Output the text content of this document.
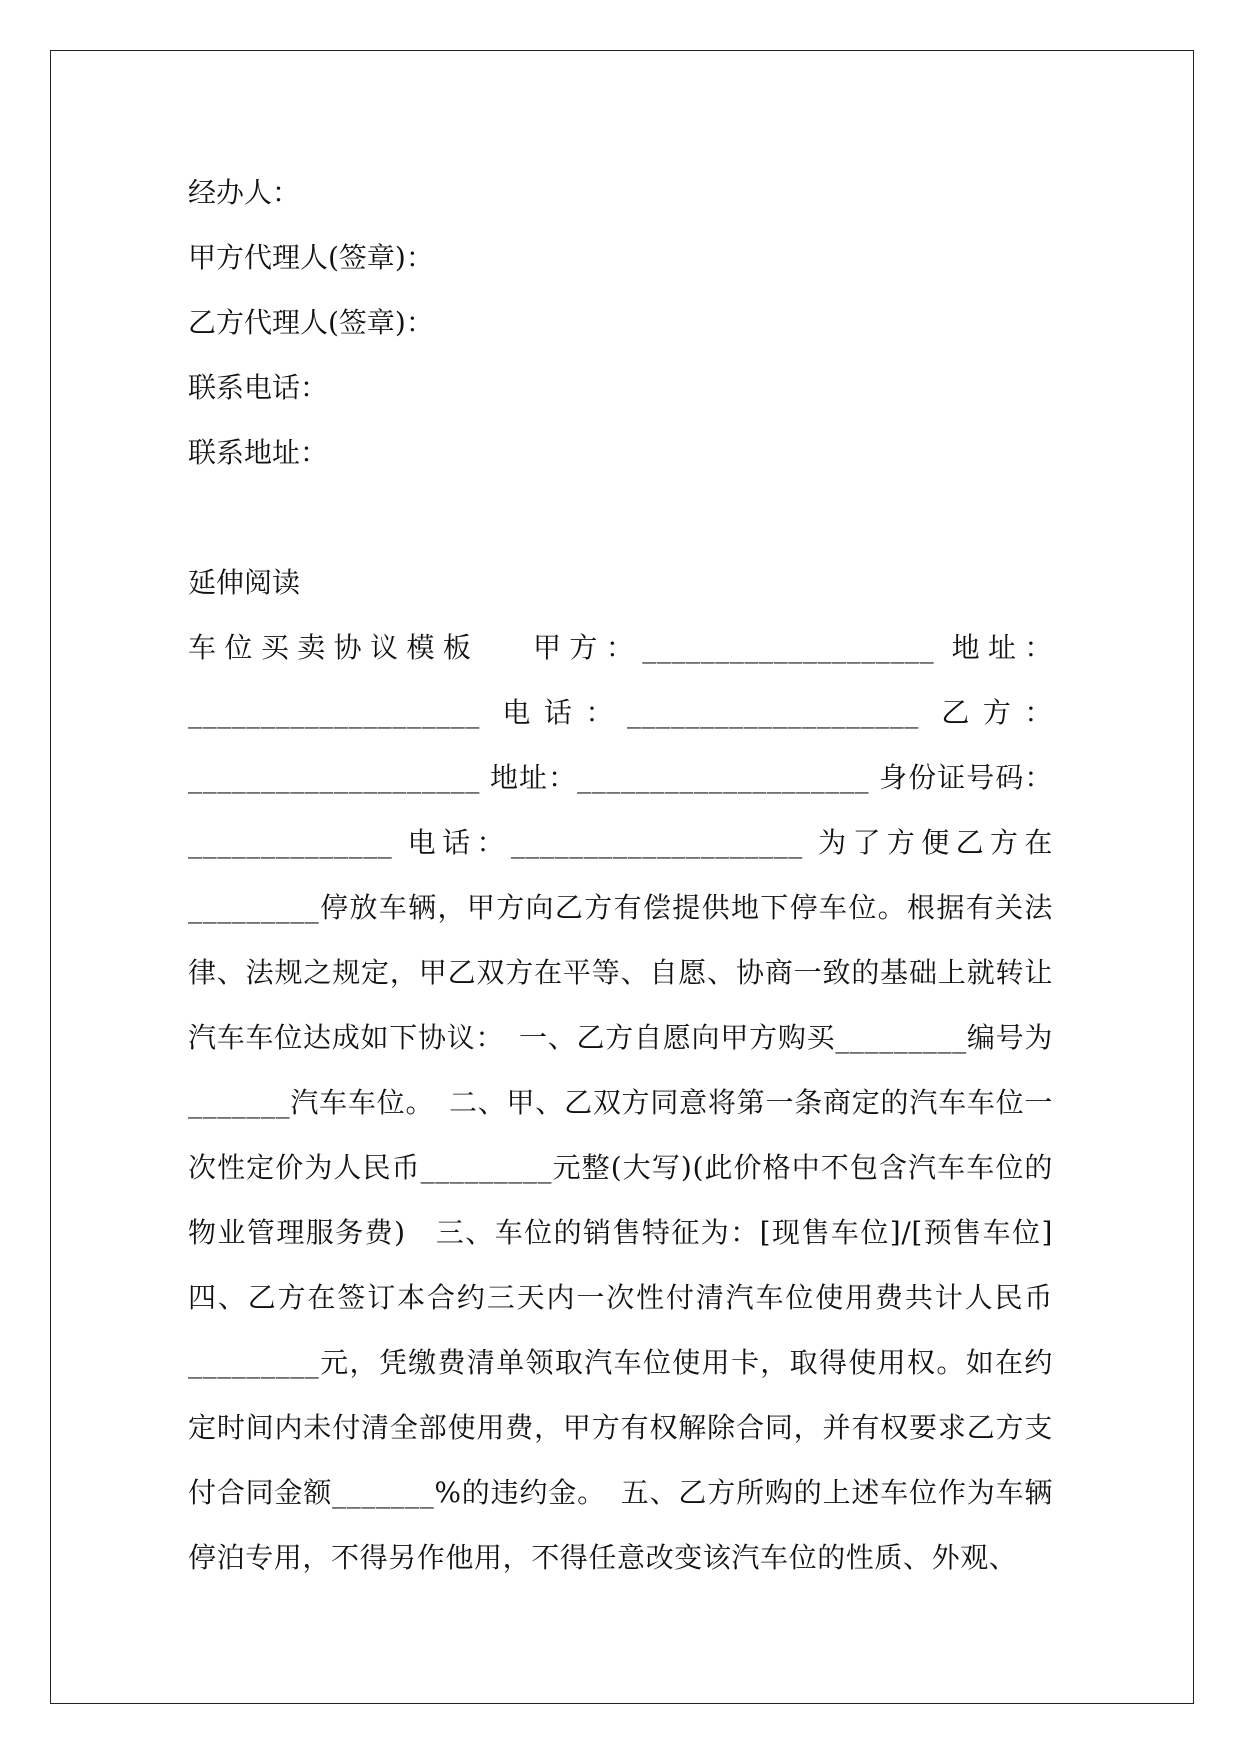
经办人：

甲方代理人(签章)：

乙方代理人(签章)：

联系电话：

联系地址：

延伸阅读

车位买卖协议模板　 甲方：____________________ 地址：____________________ 电话：____________________ 乙方：____________________ 地址：____________________ 身份证号码：______________ 电话：____________________ 为了方便乙方在_________停放车辆，甲方向乙方有偿提供地下停车位。根据有关法律、法规之规定，甲乙双方在平等、自愿、协商一致的基础上就转让汽车车位达成如下协议：　一、乙方自愿向甲方购买_________编号为_______汽车车位。　二、甲、乙双方同意将第一条商定的汽车车位一次性定价为人民币_________元整(大写)(此价格中不包含汽车车位的物业管理服务费)　三、车位的销售特征为：[现售车位]/[预售车位]　四、乙方在签订本合约三天内一次性付清汽车位使用费共计人民币_________元，凭缴费清单领取汽车位使用卡，取得使用权。如在约定时间内未付清全部使用费，甲方有权解除合同，并有权要求乙方支付合同金额_______%的违约金。　五、乙方所购的上述车位作为车辆停泊专用，不得另作他用，不得任意改变该汽车位的性质、外观、
